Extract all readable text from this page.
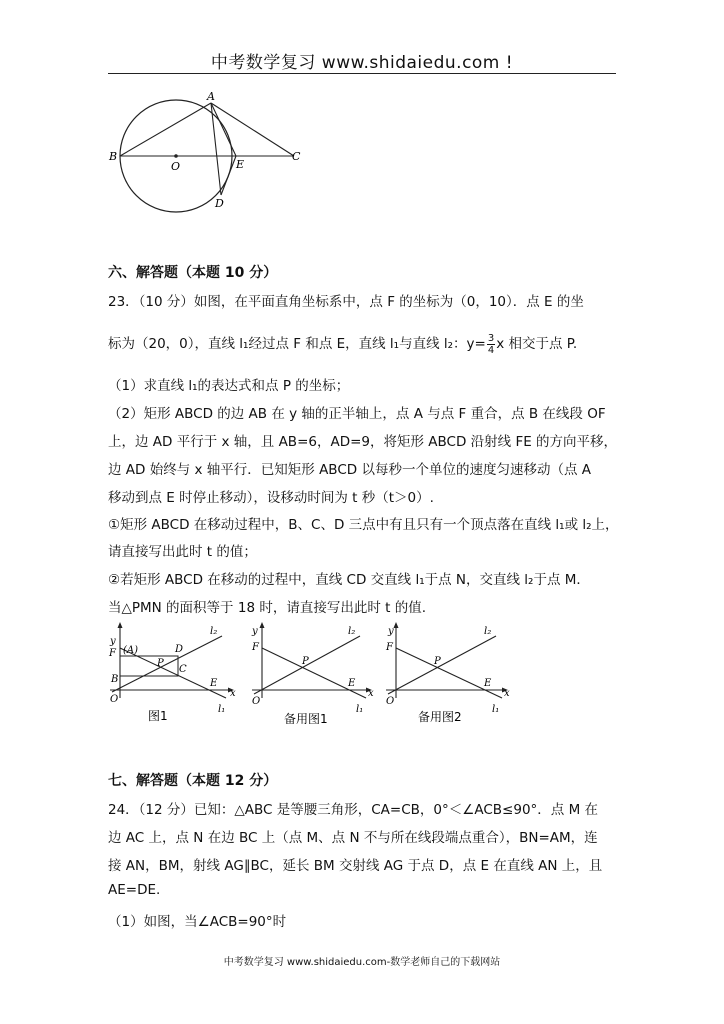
中考数学复习 www.shidaiedu.com !
A
B
O	E
C
D
六、解答题（本题 10 分）
23．（10 分）如图，在平面直角坐标系中，点 F 的坐标为（0，10）．点 E 的坐
标为（20，0），直线 l₁经过点 F 和点 E，直线 l₁与直线 l₂：$y= \frac{3}{4}$ x 相交于点 P.
（1）求直线 l₁的表达式和点 P 的坐标；
（2）矩形 ABCD 的边 AB 在 y 轴的正半轴上，点 A 与点 F 重合，点 B 在线段 OF
上，边 AD 平行于 x 轴，且 AB=6，AD=9，将矩形 ABCD 沿射线 FE 的方向平移，
边 AD 始终与 x 轴平行．已知矩形 ABCD 以每秒一个单位的速度匀速移动（点 A
移动到点 E 时停止移动），设移动时间为 t 秒（t＞0）.
①矩形 ABCD 在移动过程中，B、C、D 三点中有且只有一个顶点落在直线 l₁或 l₂上，
请直接写出此时 t 的值；
②若矩形 ABCD 在移动的过程中，直线 CD 交直线 l₁于点 N，交直线 l₂于点 M．
当△PMN 的面积等于 18 时，请直接写出此时 t 的值.
y
F (A)	D
P
C
B	E
O
x
l₁
l₂
图1
y
F
P
E
O
x
l₁
l₂
备用图1
y
F
P
E
O
x
l₁
l₂
备用图2
七、解答题（本题 12 分）
24．（12 分）已知：△ABC 是等腰三角形，CA=CB，0°＜∠ACB≤90°．点 M 在
边 AC 上，点 N 在边 BC 上（点 M、点 N 不与所在线段端点重合），BN=AM，连
接 AN，BM，射线 AG∥BC，延长 BM 交射线 AG 于点 D，点 E 在直线 AN 上，且
AE=DE.
（1）如图，当∠ACB=90°时
中考数学复习 www.shidaiedu.com-数学老师自己的下载网站
